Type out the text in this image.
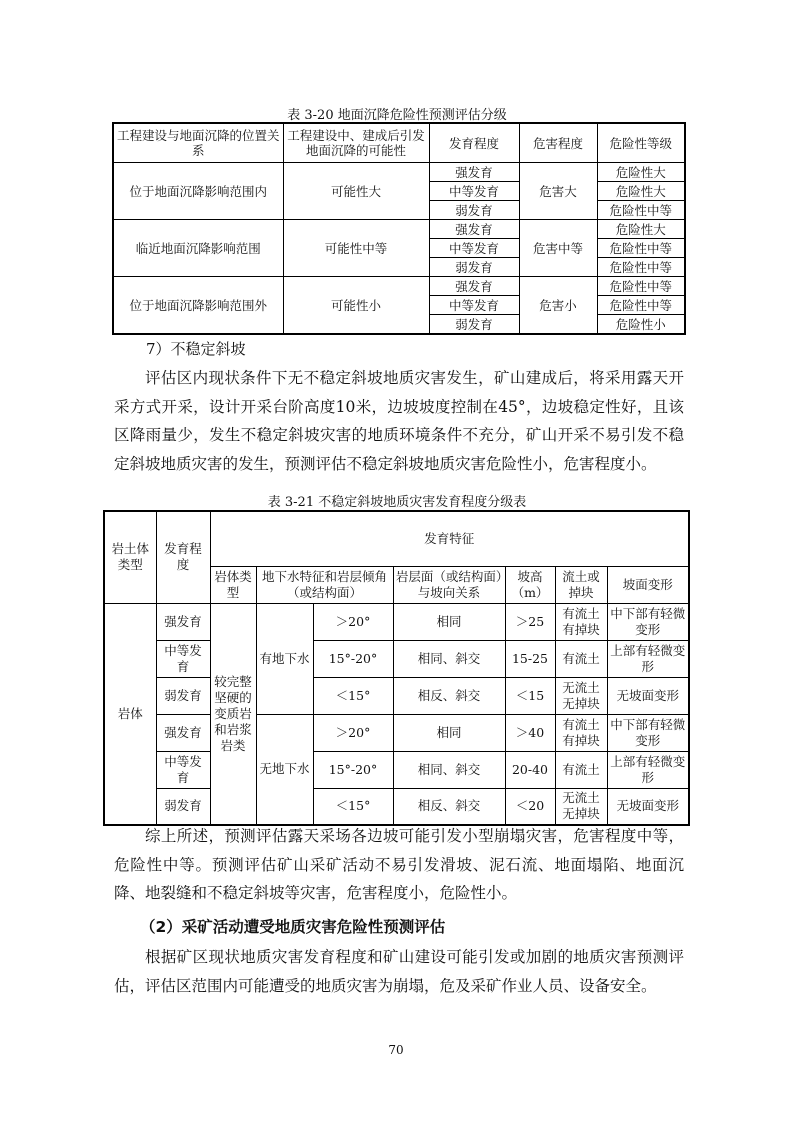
表 3-20 地面沉降危险性预测评估分级
工程建设与地面沉降的位置关系	工程建设中、建成后引发地面沉降的可能性	发育程度	危害程度	危险性等级
位于地面沉降影响范围内	可能性大	强发育	危害大	危险性大
		中等发育		危险性大
		弱发育		危险性中等
临近地面沉降影响范围	可能性中等	强发育	危害中等	危险性大
		中等发育		危险性中等
		弱发育		危险性中等
位于地面沉降影响范围外	可能性小	强发育	危害小	危险性中等
		中等发育		危险性中等
		弱发育		危险性小
7）不稳定斜坡

评估区内现状条件下无不稳定斜坡地质灾害发生，矿山建成后，将采用露天开采方式开采，设计开采台阶高度10米，边坡坡度控制在45°，边坡稳定性好，且该区降雨量少，发生不稳定斜坡灾害的地质环境条件不充分，矿山开采不易引发不稳定斜坡地质灾害的发生，预测评估不稳定斜坡地质灾害危险性小，危害程度小。

表 3-21 不稳定斜坡地质灾害发育程度分级表
岩土体类型	发育程度	发育特征						
		岩体类型	地下水特征和岩层倾角（或结构面）		岩层面（或结构面）与坡向关系	坡高（m）	流土或掉块	坡面变形
岩体	强发育	较完整坚硬的变质岩和岩浆岩类	有地下水	＞20°	相同	＞25	有流土有掉块	中下部有轻微变形
	中等发育			15°-20°	相同、斜交	15-25	有流土	上部有轻微变形
	弱发育			＜15°	相反、斜交	＜15	无流土无掉块	无坡面变形
	强发育		无地下水	＞20°	相同	＞40	有流土有掉块	中下部有轻微变形
	中等发育			15°-20°	相同、斜交	20-40	有流土	上部有轻微变形
	弱发育			＜15°	相反、斜交	＜20	无流土无掉块	无坡面变形

综上所述，预测评估露天采场各边坡可能引发小型崩塌灾害，危害程度中等，危险性中等。预测评估矿山采矿活动不易引发滑坡、泥石流、地面塌陷、地面沉降、地裂缝和不稳定斜坡等灾害，危害程度小，危险性小。

（2）采矿活动遭受地质灾害危险性预测评估

根据矿区现状地质灾害发育程度和矿山建设可能引发或加剧的地质灾害预测评估，评估区范围内可能遭受的地质灾害为崩塌，危及采矿作业人员、设备安全。

70
